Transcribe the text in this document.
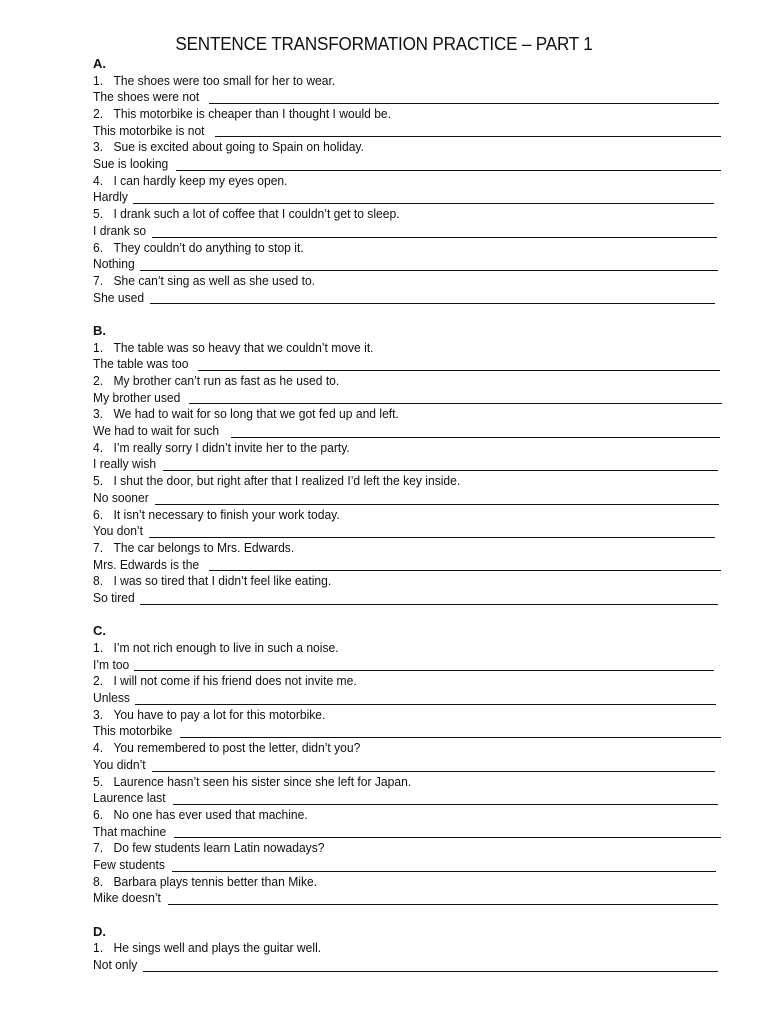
SENTENCE TRANSFORMATION PRACTICE – PART 1
A.
1. The shoes were too small for her to wear.
The shoes were not
2. This motorbike is cheaper than I thought I would be.
This motorbike is not
3. Sue is excited about going to Spain on holiday.
Sue is looking
4. I can hardly keep my eyes open.
Hardly
5. I drank such a lot of coffee that I couldn’t get to sleep.
I drank so
6. They couldn’t do anything to stop it.
Nothing
7. She can’t sing as well as she used to.
She used
B.
1. The table was so heavy that we couldn’t move it.
The table was too
2. My brother can’t run as fast as he used to.
My brother used
3. We had to wait for so long that we got fed up and left.
We had to wait for such
4. I’m really sorry I didn’t invite her to the party.
I really wish
5. I shut the door, but right after that I realized I’d left the key inside.
No sooner
6. It isn’t necessary to finish your work today.
You don’t
7. The car belongs to Mrs. Edwards.
Mrs. Edwards is the
8. I was so tired that I didn’t feel like eating.
So tired
C.
1. I’m not rich enough to live in such a noise.
I’m too
2. I will not come if his friend does not invite me.
Unless
3. You have to pay a lot for this motorbike.
This motorbike
4. You remembered to post the letter, didn’t you?
You didn’t
5. Laurence hasn’t seen his sister since she left for Japan.
Laurence last
6. No one has ever used that machine.
That machine
7. Do few students learn Latin nowadays?
Few students
8. Barbara plays tennis better than Mike.
Mike doesn’t
D.
1. He sings well and plays the guitar well.
Not only
